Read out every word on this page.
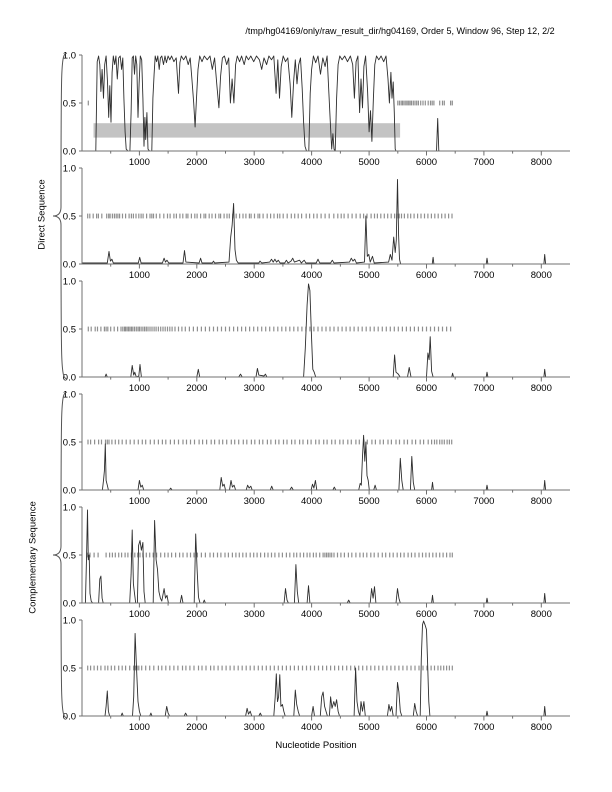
/tmp/hg04169/only/raw_result_dir/hg04169, Order 5, Window 96, Step 12, 2/2
Direct Sequence
Complementary Sequence
1.0
0.5
0.0
1000	2000	3000	4000	5000	6000	7000	8000
1.0
0.5
0.0
1000	2000	3000	4000	5000	6000	7000	8000
1.0
0.5
0.0
1000	2000	3000	4000	5000	6000	7000	8000
1.0
0.5
0.0
1000	2000	3000	4000	5000	6000	7000	8000
1.0
0.5
0.0
1000	2000	3000	4000	5000	6000	7000	8000
1.0
0.5
0.0
1000	2000	3000	4000	5000	6000	7000	8000
Nucleotide Position
